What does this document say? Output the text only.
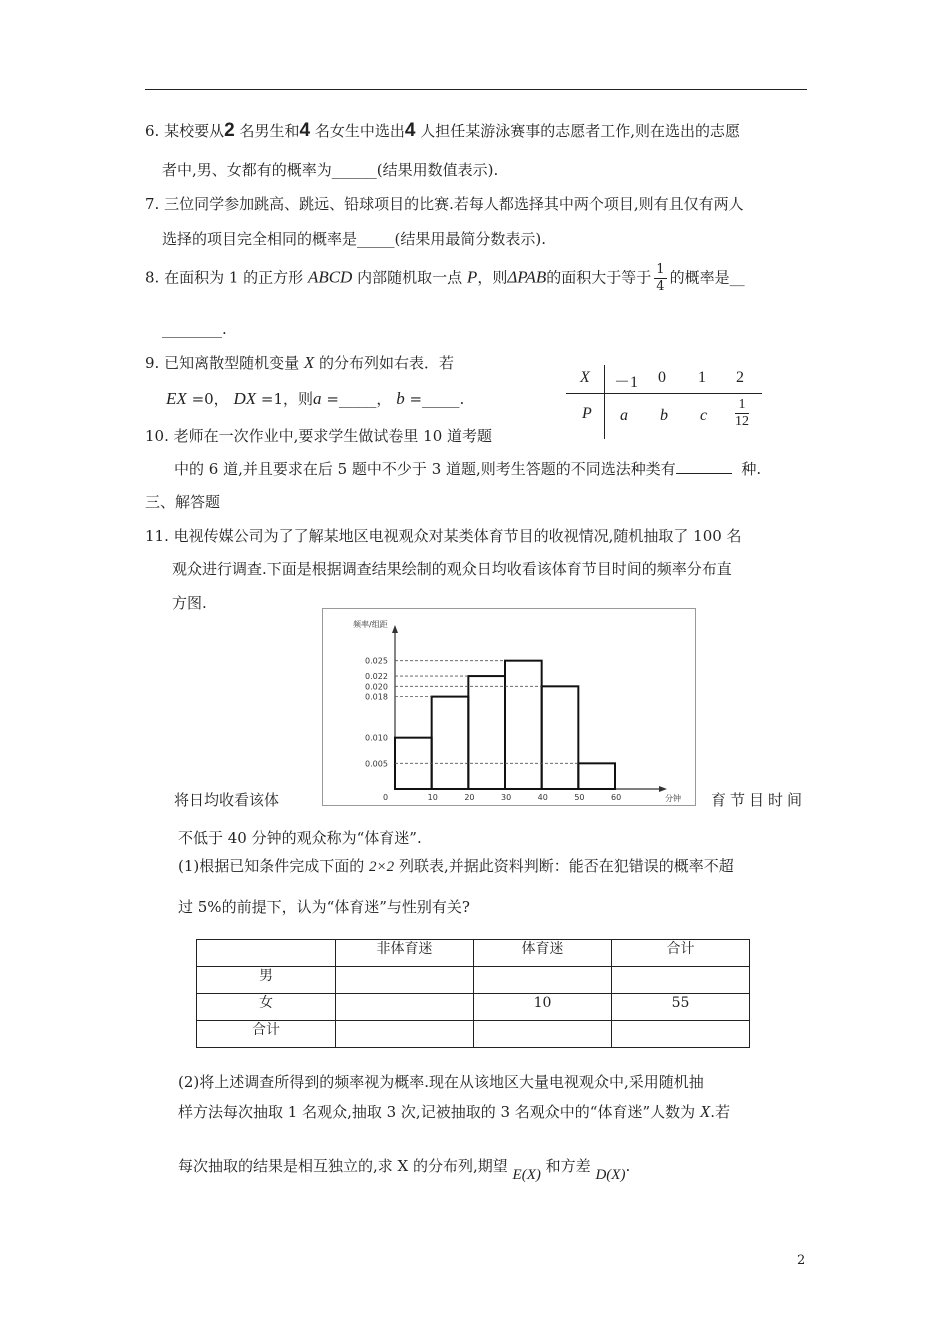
6. 某校要从2 名男生和4 名女生中选出4 人担任某游泳赛事的志愿者工作,则在选出的志愿
者中,男、女都有的概率为______(结果用数值表示).
7. 三位同学参加跳高、跳远、铅球项目的比赛.若每人都选择其中两个项目,则有且仅有两人
选择的项目完全相同的概率是_____(结果用最简分数表示).
8. 在面积为 1 的正方形 ABCD 内部随机取一点 P，则ΔPAB的面积大于等于 $\frac{1}{4}$ 的概率是__
________.
9. 已知离散型随机变量 X 的分布列如右表．若
EX =0， DX =1，则a =_____， b =_____.
X －1 0 1 2
P a b c $\frac{1}{12}$
10. 老师在一次作业中,要求学生做试卷里 10 道考题
中的 6 道,并且要求在后 5 题中不少于 3 道题,则考生答题的不同选法种类有	种.
三、解答题
11. 电视传媒公司为了了解某地区电视观众对某类体育节目的收视情况,随机抽取了 100 名
观众进行调查.下面是根据调查结果绘制的观众日均收看该体育节目时间的频率分布直
方图.
频率/组距
分钟
0.025
0.022
0.020
0.018
0.010
0.005
0	10	20	30	40	50	60
将日均收看该体	育节目时间
不低于 40 分钟的观众称为“体育迷”.
(1)根据已知条件完成下面的 2×2 列联表,并据此资料判断：能否在犯错误的概率不超
过 5%的前提下，认为“体育迷”与性别有关?
	非体育迷	体育迷	合计
男			
女		10	55
合计			
(2)将上述调查所得到的频率视为概率.现在从该地区大量电视观众中,采用随机抽
样方法每次抽取 1 名观众,抽取 3 次,记被抽取的 3 名观众中的“体育迷”人数为 X.若
每次抽取的结果是相互独立的,求 X 的分布列,期望 E(X) 和方差 D(X).
2
